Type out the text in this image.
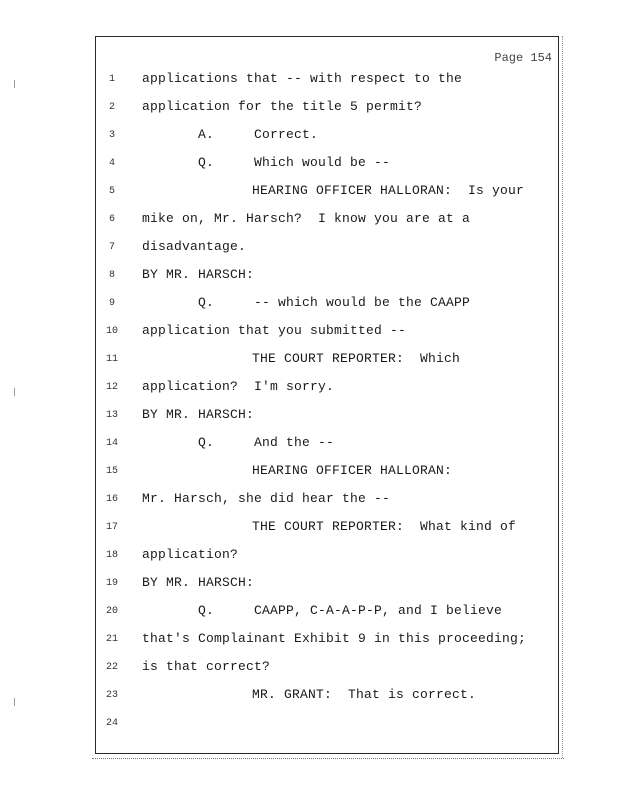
Page 154
1	applications that -- with respect to the
2	application for the title 5 permit?
3	A.     Correct.
4	Q.     Which would be --
5	HEARING OFFICER HALLORAN:  Is your
6	mike on, Mr. Harsch?  I know you are at a
7	disadvantage.
8	BY MR. HARSCH:
9	Q.     -- which would be the CAAPP
10	application that you submitted --
11	THE COURT REPORTER:  Which
12	application?  I'm sorry.
13	BY MR. HARSCH:
14	Q.     And the --
15	HEARING OFFICER HALLORAN:
16	Mr. Harsch, she did hear the --
17	THE COURT REPORTER:  What kind of
18	application?
19	BY MR. HARSCH:
20	Q.     CAAPP, C-A-A-P-P, and I believe
21	that's Complainant Exhibit 9 in this proceeding;
22	is that correct?
23	MR. GRANT:  That is correct.
24
